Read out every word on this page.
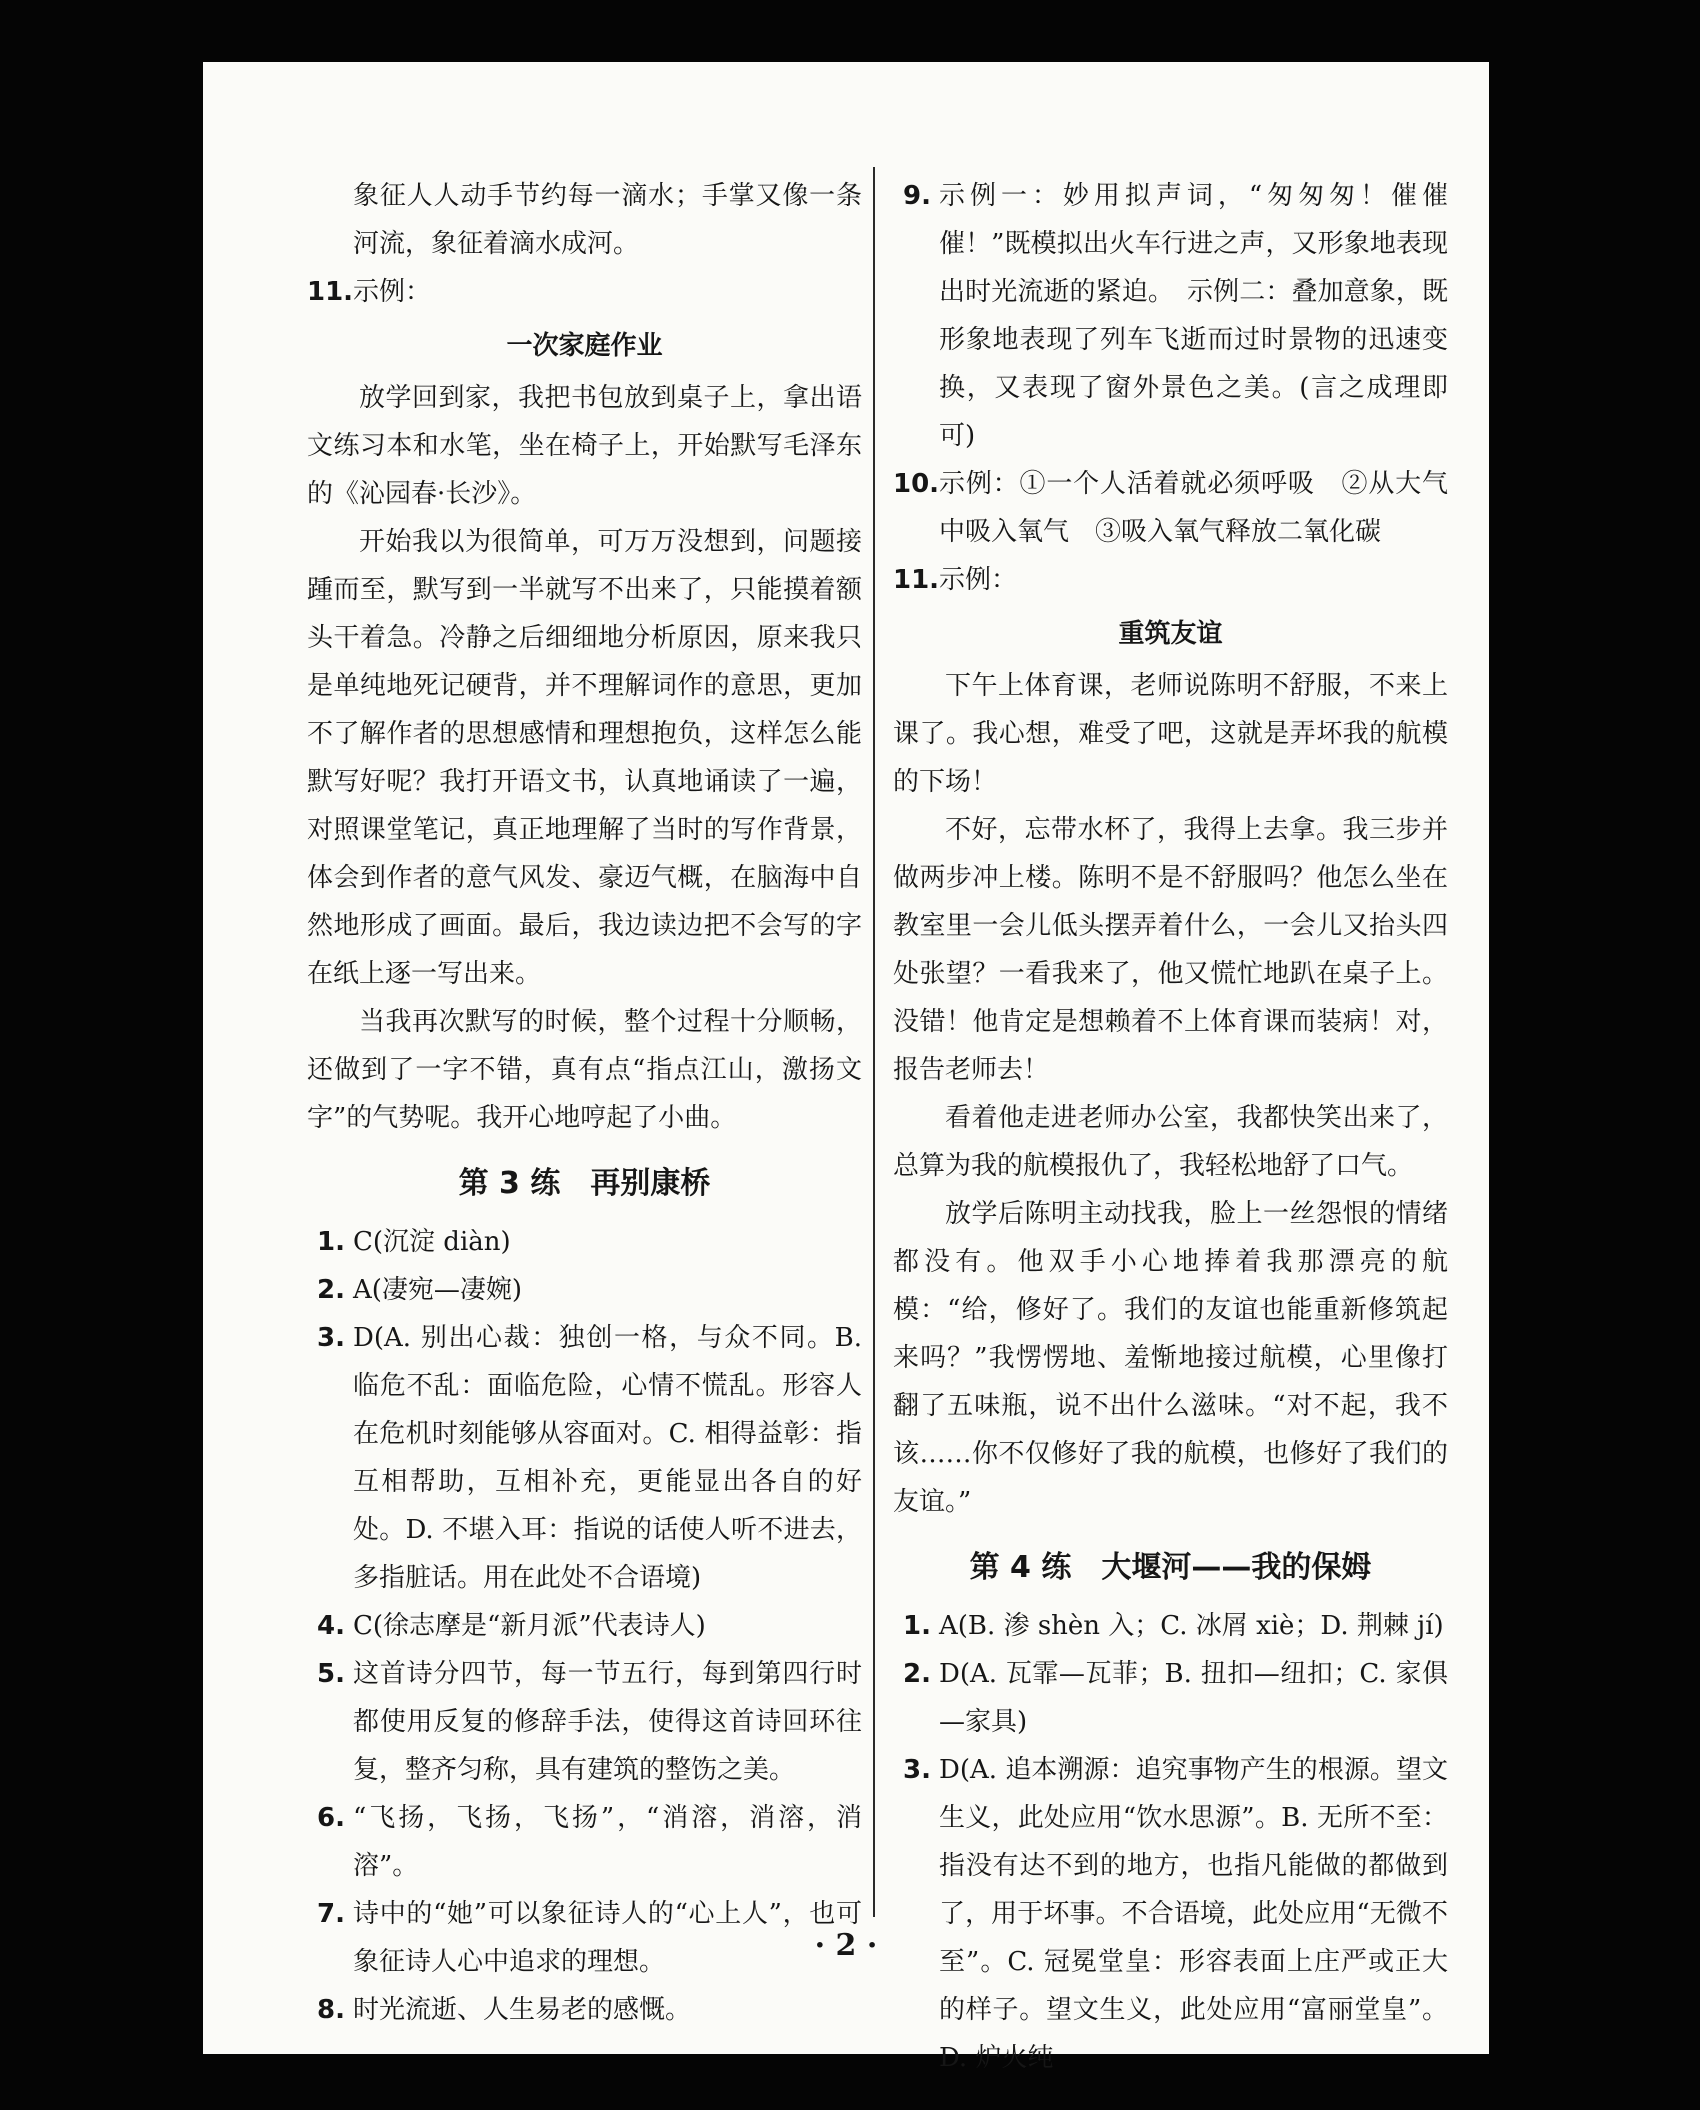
象征人人动手节约每一滴水；手掌又像一条河流，象征着滴水成河。

11. 示例：

一次家庭作业

放学回到家，我把书包放到桌子上，拿出语文练习本和水笔，坐在椅子上，开始默写毛泽东的《沁园春·长沙》。

开始我以为很简单，可万万没想到，问题接踵而至，默写到一半就写不出来了，只能摸着额头干着急。冷静之后细细地分析原因，原来我只是单纯地死记硬背，并不理解词作的意思，更加不了解作者的思想感情和理想抱负，这样怎么能默写好呢？我打开语文书，认真地诵读了一遍，对照课堂笔记，真正地理解了当时的写作背景，体会到作者的意气风发、豪迈气概，在脑海中自然地形成了画面。最后，我边读边把不会写的字在纸上逐一写出来。

当我再次默写的时候，整个过程十分顺畅，还做到了一字不错，真有点“指点江山，激扬文字”的气势呢。我开心地哼起了小曲。

第 3 练　再别康桥

1. C(沉淀 diàn)
2. A(凄宛—凄婉)
3. D(A. 别出心裁：独创一格，与众不同。B. 临危不乱：面临危险，心情不慌乱。形容人在危机时刻能够从容面对。C. 相得益彰：指互相帮助，互相补充，更能显出各自的好处。D. 不堪入耳：指说的话使人听不进去，多指脏话。用在此处不合语境)
4. C(徐志摩是“新月派”代表诗人)
5. 这首诗分四节，每一节五行，每到第四行时都使用反复的修辞手法，使得这首诗回环往复，整齐匀称，具有建筑的整饬之美。
6. “飞扬，飞扬，飞扬”，“消溶，消溶，消溶”。
7. 诗中的“她”可以象征诗人的“心上人”，也可象征诗人心中追求的理想。
8. 时光流逝、人生易老的感慨。
9. 示例一：妙用拟声词，“匆匆匆！催催催！”既模拟出火车行进之声，又形象地表现出时光流逝的紧迫。　示例二：叠加意象，既形象地表现了列车飞逝而过时景物的迅速变换，又表现了窗外景色之美。(言之成理即可)
10. 示例：①一个人活着就必须呼吸　②从大气中吸入氧气　③吸入氧气释放二氧化碳
11. 示例：

重筑友谊

下午上体育课，老师说陈明不舒服，不来上课了。我心想，难受了吧，这就是弄坏我的航模的下场！

不好，忘带水杯了，我得上去拿。我三步并做两步冲上楼。陈明不是不舒服吗？他怎么坐在教室里一会儿低头摆弄着什么，一会儿又抬头四处张望？一看我来了，他又慌忙地趴在桌子上。没错！他肯定是想赖着不上体育课而装病！对，报告老师去！

看着他走进老师办公室，我都快笑出来了，总算为我的航模报仇了，我轻松地舒了口气。

放学后陈明主动找我，脸上一丝怨恨的情绪都没有。他双手小心地捧着我那漂亮的航模：“给，修好了。我们的友谊也能重新修筑起来吗？”我愣愣地、羞惭地接过航模，心里像打翻了五味瓶，说不出什么滋味。“对不起，我不该……你不仅修好了我的航模，也修好了我们的友谊。”

第 4 练　大堰河——我的保姆

1. A(B. 渗 shèn 入；C. 冰屑 xiè；D. 荆棘 jí)
2. D(A. 瓦霏—瓦菲；B. 扭扣—纽扣；C. 家俱—家具)
3. D(A. 追本溯源：追究事物产生的根源。望文生义，此处应用“饮水思源”。B. 无所不至：指没有达不到的地方，也指凡能做的都做到了，用于坏事。不合语境，此处应用“无微不至”。C. 冠冕堂皇：形容表面上庄严或正大的样子。望文生义，此处应用“富丽堂皇”。D. 炉火纯
· 2 ·
